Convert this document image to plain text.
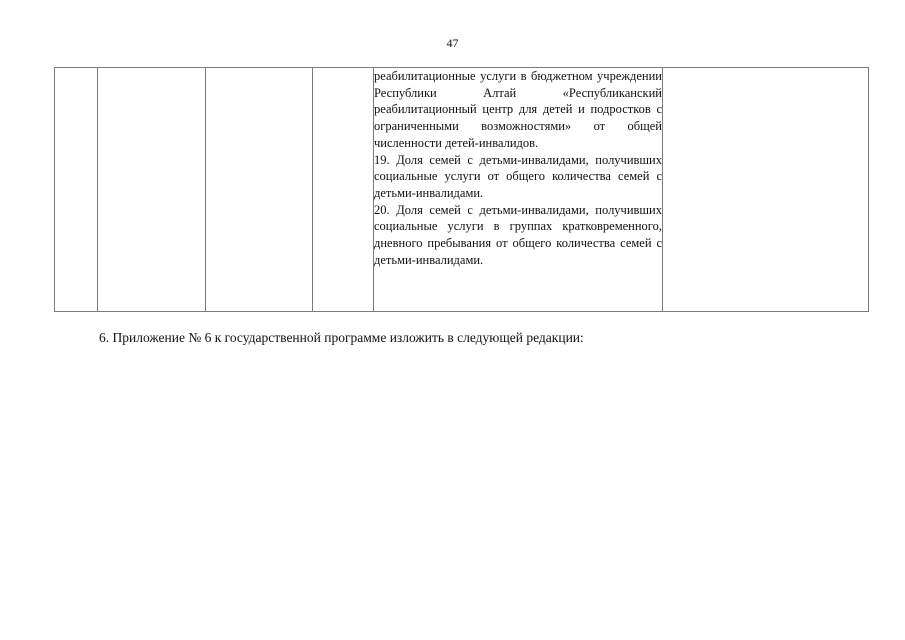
47

реабилитационные услуги в бюджетном учреждении Республики Алтай «Республиканский реабилитационный центр для детей и подростков с ограниченными возможностями» от общей численности детей-инвалидов.

19. Доля семей с детьми-инвалидами, получивших социальные услуги от общего количества семей с детьми-инвалидами.

20. Доля семей с детьми-инвалидами, получивших социальные услуги в группах кратковременного, дневного пребывания от общего количества семей с детьми-инвалидами.

6. Приложение № 6 к государственной программе изложить в следующей редакции:
